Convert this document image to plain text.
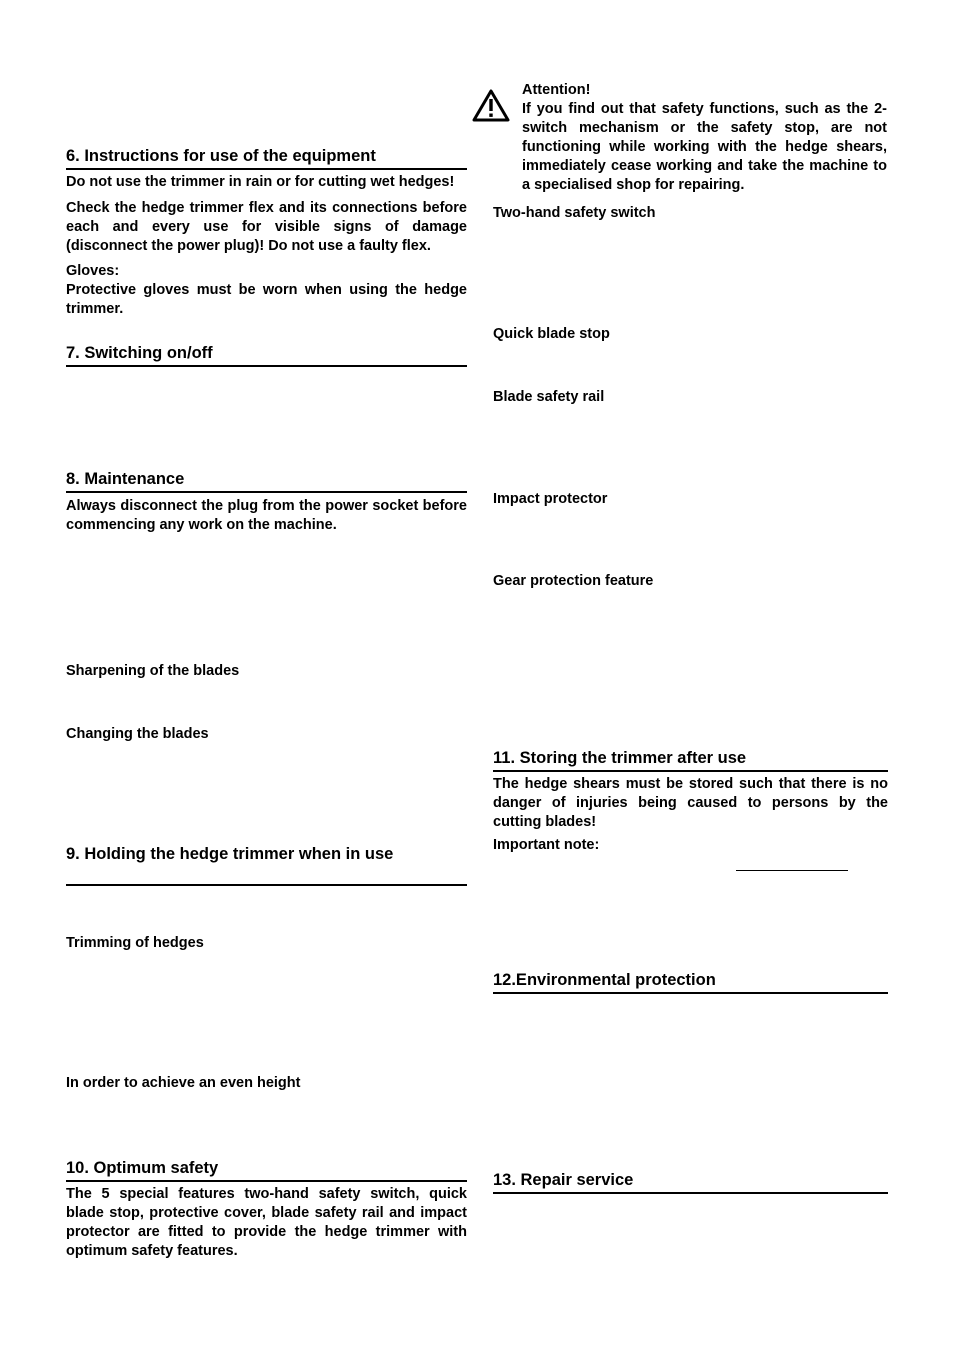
6. Instructions for use of the equipment
Do not use the trimmer in rain or for cutting wet hedges!
Check the hedge trimmer flex and its connections before each and every use for visible signs of damage (disconnect the power plug)! Do not use a faulty flex.
Gloves:
Protective gloves must be worn when using the hedge trimmer.
7. Switching on/off
8. Maintenance
Always disconnect the plug from the power socket before commencing any work on the machine.
Sharpening of the blades
Changing the blades
9. Holding the hedge trimmer when in use
Trimming of hedges
In order to achieve an even height
10. Optimum safety
The 5 special features two-hand safety switch, quick blade stop, protective cover, blade safety rail and impact protector are fitted to provide the hedge trimmer with optimum safety features.
Attention!
If you find out that safety functions, such as the 2-switch mechanism or the safety stop, are not functioning while working with the hedge shears, immediately cease working and take the machine to a specialised shop for repairing.
Two-hand safety switch
Quick blade stop
Blade safety rail
Impact protector
Gear protection feature
11. Storing the trimmer after use
The hedge shears must be stored such that there is no danger of injuries being caused to persons by the cutting blades!
Important note:
12.Environmental protection
13. Repair service
